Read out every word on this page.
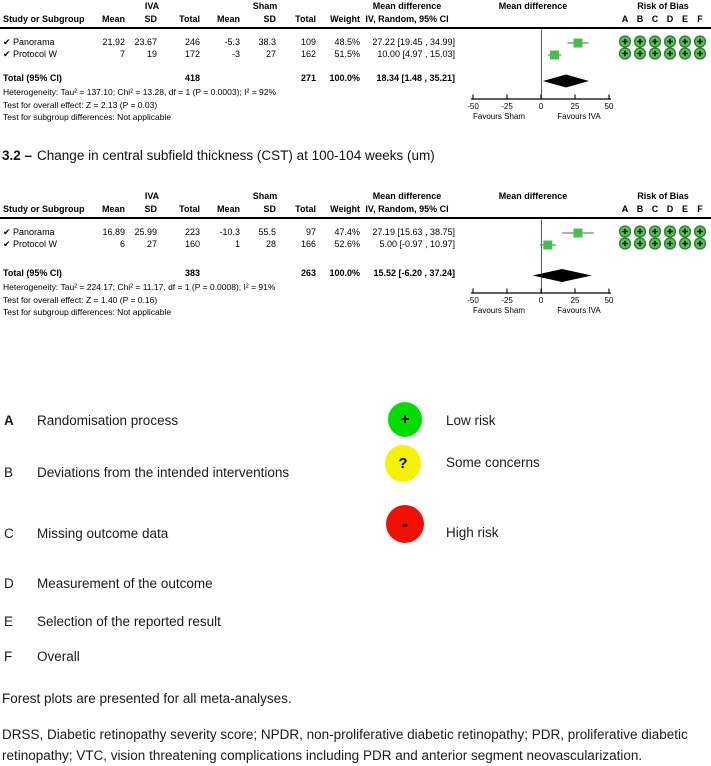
IVA	Sham	Mean difference	Mean difference	Risk of Bias
Study or Subgroup Mean SD Total Mean	SD Total Weight IV, Random, 95% CI	A B C D E F
✔ Panorama	21.92 23.67	246	-5.3 38.3	109 48.5% 27.22 [19.45 , 34.99]
✔ Protocol W	7 19	172	-3	27	162 51.5% 10.00 [4.97 , 15.03]
Total (95% CI)	418	271 100.0% 18.34 [1.48 , 35.21]
Heterogeneity: Tau² = 137.10; Chi² = 13.28, df = 1 (P = 0.0003); I² = 92%
Test for overall effect: Z = 2.13 (P = 0.03)
Test for subgroup differences: Not applicable
-50	-25	0	25	50
Favours Sham	Favours IVA
3.2 – Change in central subfield thickness (CST) at 100-104 weeks (um)
IVA	Sham	Mean difference	Mean difference	Risk of Bias
Study or Subgroup Mean SD Total Mean	SD Total Weight IV, Random, 95% CI	A B C D E F
✔ Panorama	16.89 25.99	223 -10.3 55.5	97 47.4% 27.19 [15.63 , 38.75]
✔ Protocol W	6 27	160	1	28	166 52.6% 5.00 [-0.97 , 10.97]
Total (95% CI)	383	263 100.0% 15.52 [-6.20 , 37.24]
Heterogeneity: Tau² = 224.17; Chi² = 11.17, df = 1 (P = 0.0008); I² = 91%
Test for overall effect: Z = 1.40 (P = 0.16)
Test for subgroup differences: Not applicable
-50	-25	0	25	50
Favours Sham	Favours IVA
A Randomisation process
B Deviations from the intended interventions
C Missing outcome data
D Measurement of the outcome
E Selection of the reported result
F Overall
+	Low risk
?	Some concerns
-	High risk
Forest plots are presented for all meta-analyses.
DRSS, Diabetic retinopathy severity score; NPDR, non-proliferative diabetic retinopathy; PDR, proliferative diabetic retinopathy; VTC, vision threatening complications including PDR and anterior segment neovascularization.
